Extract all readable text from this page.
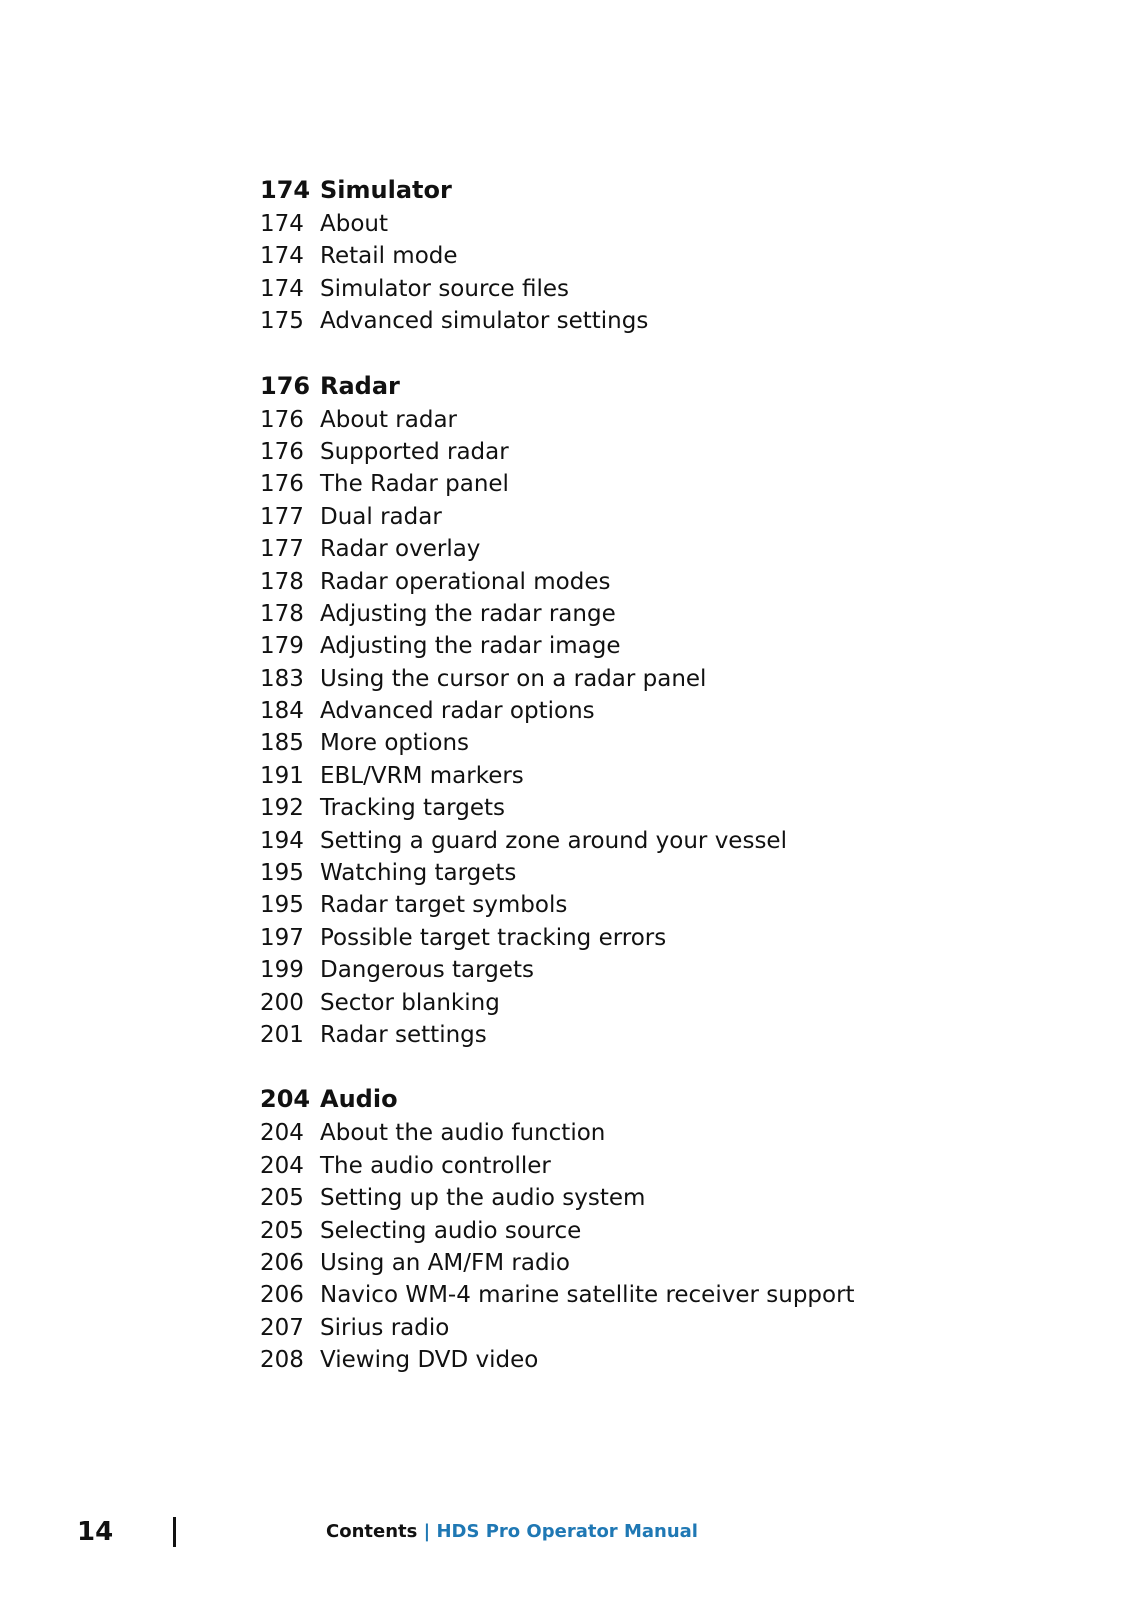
174 Simulator
174 About
174 Retail mode
174 Simulator source files
175 Advanced simulator settings
176 Radar
176 About radar
176 Supported radar
176 The Radar panel
177 Dual radar
177 Radar overlay
178 Radar operational modes
178 Adjusting the radar range
179 Adjusting the radar image
183 Using the cursor on a radar panel
184 Advanced radar options
185 More options
191 EBL/VRM markers
192 Tracking targets
194 Setting a guard zone around your vessel
195 Watching targets
195 Radar target symbols
197 Possible target tracking errors
199 Dangerous targets
200 Sector blanking
201 Radar settings
204 Audio
204 About the audio function
204 The audio controller
205 Setting up the audio system
205 Selecting audio source
206 Using an AM/FM radio
206 Navico WM-4 marine satellite receiver support
207 Sirius radio
208 Viewing DVD video
14	Contents | HDS Pro Operator Manual
